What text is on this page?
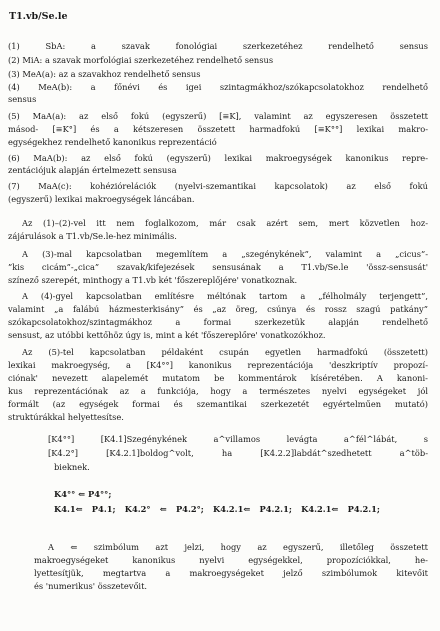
T1.vb/Se.le
(1) SbA: a szavak fonológiai szerkezetéhez rendelhető sensus
(2) MiA: a szavak morfológiai szerkezetéhez rendelhető sensus
(3) MeA(a): az a szavakhoz rendelhető sensus
(4) MeA(b): a főnévi és igei szintagmákhoz/szókapcsolatokhoz rendelhető
sensus
(5) MaA(a): az első fokú (egyszerű) [≡K], valamint az egyszeresen összetett
másod- [≡K°] és a kétszeresen összetett harmadfokú [≡K°°] lexikai makro-
egységekhez rendelhető kanonikus reprezentáció
(6) MaA(b): az első fokú (egyszerű) lexikai makroegységek kanonikus repre-
zentációjuk alapján értelmezett sensusa
(7) MaA(c): kohéziórelációk (nyelvi-szemantikai kapcsolatok) az első fokú
(egyszerű) lexikai makroegységek láncában.
Az (1)–(2)-vel itt nem foglalkozom, már csak azért sem, mert közvetlen hoz-
zájárulások a T1.vb/Se.le-hez minimális.
A (3)-mal kapcsolatban megemlítem a „szegénykének”, valamint a „cicus”-
”kis cicám”-„cica” szavak/kifejezések sensusának a T1.vb/Se.le 'össz-sensusát'
színező szerepét, minthogy a T1.vb két 'főszereplőjére' vonatkoznak.
A (4)-gyel kapcsolatban említésre méltónak tartom a „félholmály terjengett”,
valamint „a falábú házmesterkisány” és „az öreg, csúnya és rossz szagú patkány”
szókapcsolatokhoz/szintagmákhoz a formai szerkezetük alapján rendelhető
sensust, az utóbbi kettőhöz úgy is, mint a két 'főszereplőre' vonatkozókhoz.
Az (5)-tel kapcsolatban példaként csupán egyetlen harmadfokú (összetett)
lexikai makroegység, a [K4°°] kanonikus reprezentációja 'deszkriptív propozí-
ciónak' nevezett alapelemét mutatom be kommentárok kíséretében. A kanoni-
kus reprezentációnak az a funkciója, hogy a természetes nyelvi egységeket jól
formált (az egységek formai és szemantikai szerkezetét egyértelműen mutató)
struktúrákkal helyettesítse.
[K4°°] [K4.1]Szegénykének a^villamos levágta a^fél^lábát, s
[K4.2°] [K4.2.1]boldog^volt, ha [K4.2.2]labdát^szedhetett a^töb-
bieknek.
K4°° ⇐ P4°°;
K4.1⇐ P4.1; K4.2° ⇐ P4.2°; K4.2.1⇐ P4.2.1; K4.2.1⇐ P4.2.1;
A ⇐ szimbólum azt jelzi, hogy az egyszerű, illetőleg összetett
makroegységeket kanonikus nyelvi egységekkel, propozíciókkal, he-
lyettesítjük, megtartva a makroegységeket jelző szimbólumok kitevőit
és 'numerikus' összetevőit.
